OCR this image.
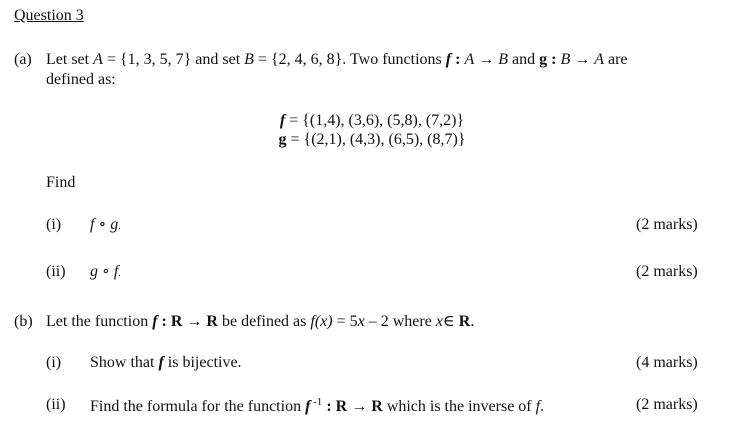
Question 3
(a) Let set A = {1, 3, 5, 7} and set B = {2, 4, 6, 8}. Two functions f : A → B and g : B → A are
defined as:
f = {(1,4), (3,6), (5,8), (7,2)}
g = {(2,1), (4,3), (6,5), (8,7)}
Find
(i) f ∘ g.	(2 marks)
(ii) g ∘ f.	(2 marks)
(b) Let the function f : R → R be defined as f(x) = 5x – 2 where x∈ R.
(i) Show that f is bijective.	(4 marks)
(ii) Find the formula for the function f $^{-1}$ : R → R which is the inverse of f.	(2 marks)
